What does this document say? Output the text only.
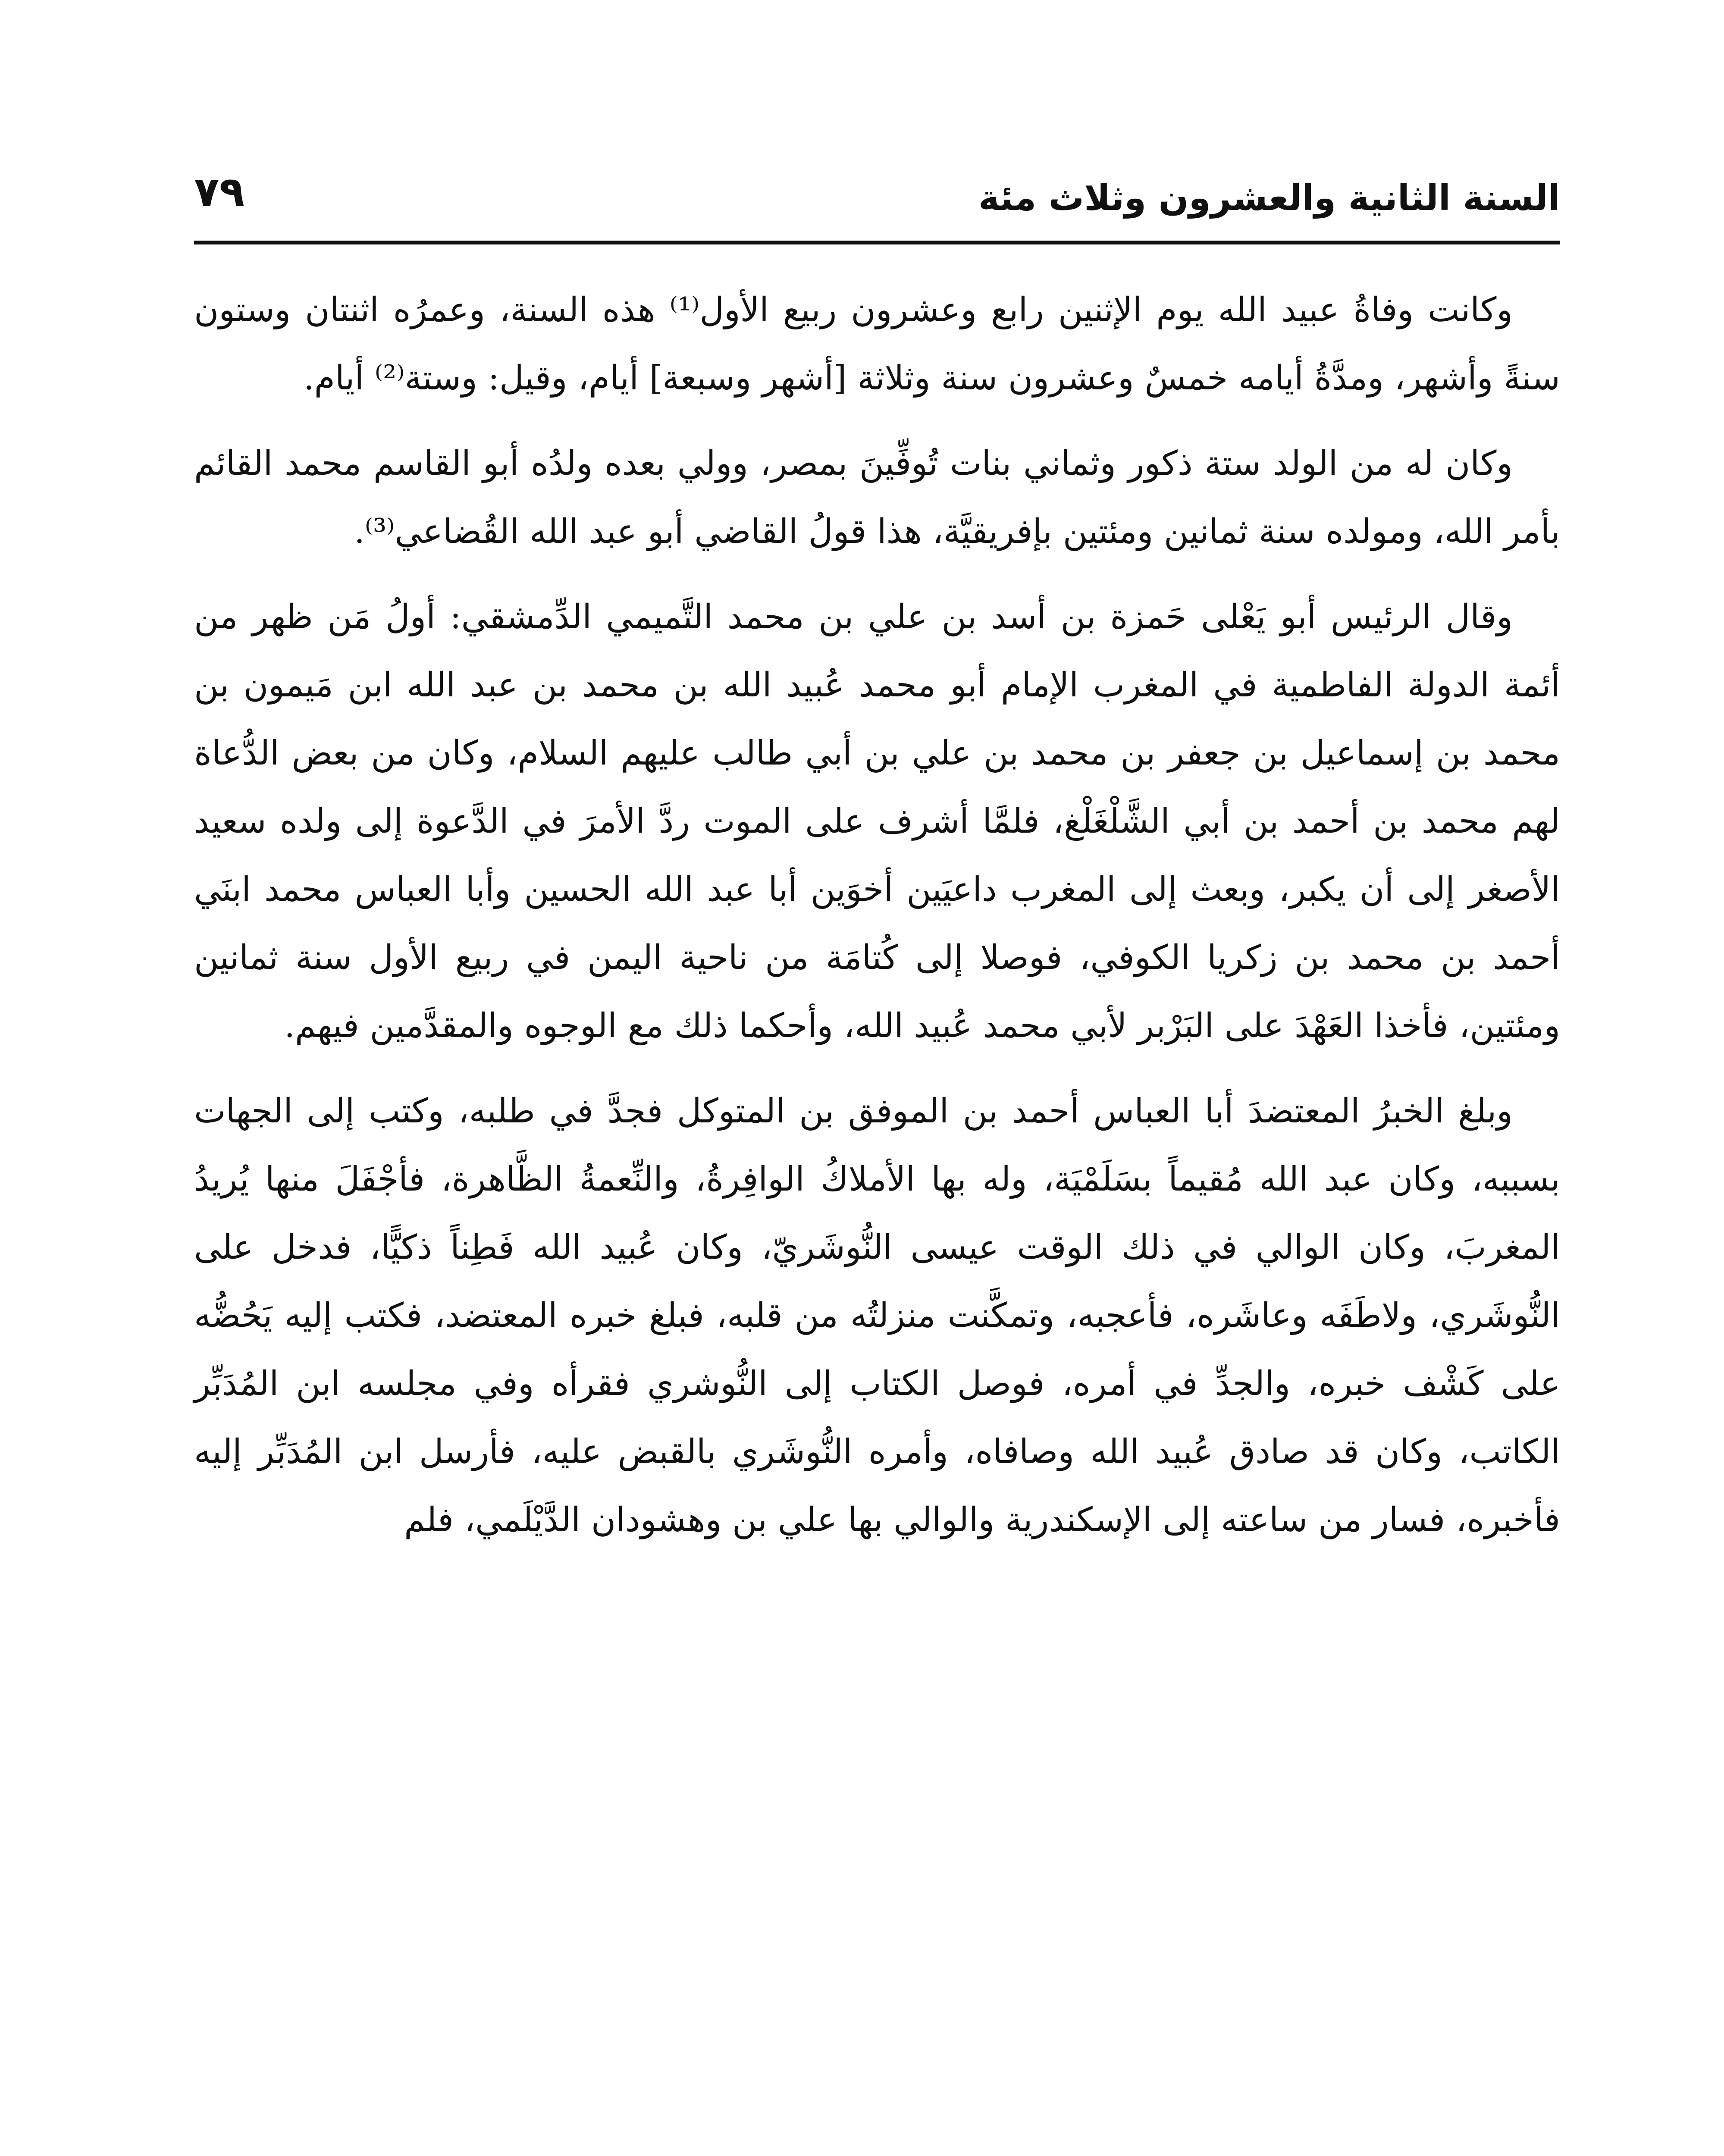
السنة الثانية والعشرون وثلاث مئة
٧٩

وكانت وفاةُ عبيد الله يوم الإثنين رابع وعشرون ربيع الأول⁽¹⁾ هذه السنة، وعمرُه اثنتان وستون سنةً وأشهر، ومدَّةُ أيامه خمسٌ وعشرون سنة وثلاثة [أشهر وسبعة] أيام، وقيل: وستة⁽²⁾ أيام.

وكان له من الولد ستة ذكور وثماني بنات تُوفِّينَ بمصر، وولي بعده ولدُه أبو القاسم محمد القائم بأمر الله، ومولده سنة ثمانين ومئتين بإفريقيَّة، هذا قولُ القاضي أبو عبد الله القُضاعي⁽³⁾.

وقال الرئيس أبو يَعْلى حَمزة بن أسد بن علي بن محمد التَّميمي الدِّمشقي: أولُ مَن ظهر من أئمة الدولة الفاطمية في المغرب الإمام أبو محمد عُبيد الله بن محمد بن عبد الله ابن مَيمون بن محمد بن إسماعيل بن جعفر بن محمد بن علي بن أبي طالب عليهم السلام، وكان من بعض الدُّعاة لهم محمد بن أحمد بن أبي الشَّلْغَلْغ، فلمَّا أشرف على الموت ردَّ الأمرَ في الدَّعوة إلى ولده سعيد الأصغر إلى أن يكبر، وبعث إلى المغرب داعيَين أخوَين أبا عبد الله الحسين وأبا العباس محمد ابنَي أحمد بن محمد بن زكريا الكوفي، فوصلا إلى كُتامَة من ناحية اليمن في ربيع الأول سنة ثمانين ومئتين، فأخذا العَهْدَ على البَرْبر لأبي محمد عُبيد الله، وأحكما ذلك مع الوجوه والمقدَّمين فيهم.

وبلغ الخبرُ المعتضدَ أبا العباس أحمد بن الموفق بن المتوكل فجدَّ في طلبه، وكتب إلى الجهات بسببه، وكان عبد الله مُقيماً بسَلَمْيَة، وله بها الأملاكُ الوافِرةُ، والنِّعمةُ الظَّاهرة، فأجْفَلَ منها يُريدُ المغربَ، وكان الوالي في ذلك الوقت عيسى النُّوشَريّ، وكان عُبيد الله فَطِناً ذكيًّا، فدخل على النُّوشَري، ولاطَفَه وعاشَره، فأعجبه، وتمكَّنت منزلتُه من قلبه، فبلغ خبره المعتضد، فكتب إليه يَحُضُّه على كَشْف خبره، والجدِّ في أمره، فوصل الكتاب إلى النُّوشري فقرأه وفي مجلسه ابن المُدَبِّر الكاتب، وكان قد صادق عُبيد الله وصافاه، وأمره النُّوشَري بالقبض عليه، فأرسل ابن المُدَبِّر إليه فأخبره، فسار من ساعته إلى الإسكندرية والوالي بها علي بن وهشودان الدَّيْلَمي، فلم
